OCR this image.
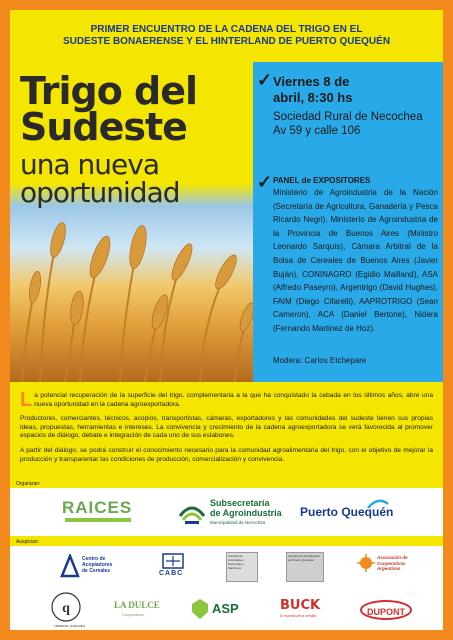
PRIMER ENCUENTRO DE LA CADENA DEL TRIGO EN EL
SUDESTE BONAERENSE Y EL HINTERLAND DE PUERTO QUEQUÉN
Trigo del
Sudeste
una nueva
oportunidad
✓ Viernes 8 de
abril, 8:30 hs
Sociedad Rural de Necochea
Av 59 y calle 106
✓ PANEL de EXPOSITORES
Ministerio de Agroindustria de la Nación (Secretaría de Agricultura, Ganadería y Pesca Ricardo Negri), Ministerio de Agroindustria de la Provincia de Buenos Aires (Ministro Leonardo Sarquís), Cámara Arbitral de la Bolsa de Cereales de Buenos Aires (Javier Buján), CONINAGRO (Egidio Mailland), ASA (Alfredo Paseyro), Argentrigo (David Hughes), FAIM (Diego Cifarelli), AAPROTRIGO (Sean Cameron), ACA (Daniel Bertone), Nidera (Fernando Martinez de Hoz).
Modera: Carlos Etchepare

La potencial recuperación de la superficie del trigo, complementaria a la que ha conquistado la cebada en los últimos años, abre una nueva oportunidad en la cadena agroexportadora.

Productores, comerciantes, técnicos, acopios, transportistas, cámaras, exportadores y las comunidades del sudeste tienen sus propias ideas, propuestas, herramientas e intereses. La convivencia y crecimiento de la cadena agroexportadora se verá favorecida al promover espacios de diálogo, debate e integración de cada uno de sus eslabones.

A partir del diálogo, se podrá construir el conocimiento necesario para la comunidad agroalimentaria del trigo, con el objetivo de mejorar la producción y transparentar las condiciones de producción, comercialización y convivencia.

Organizan:
RAICES	Subsecretaría
de Agroindustria
Municipalidad de Necochea
Puerto Quequén
Auspician:
Centro de
Acopiadores
de Cereales	CABC
Cámara de Actividades Portuarias y Marítimas
Cámara de Prestadores de Puerto Quequén	Asociación de
Cooperativas
Argentinas
q
TERMINAL QUEQUÉN
LA DULCE
Cooperativa	ASP	BUCK
El espíritu de la semilla	DUPONT
